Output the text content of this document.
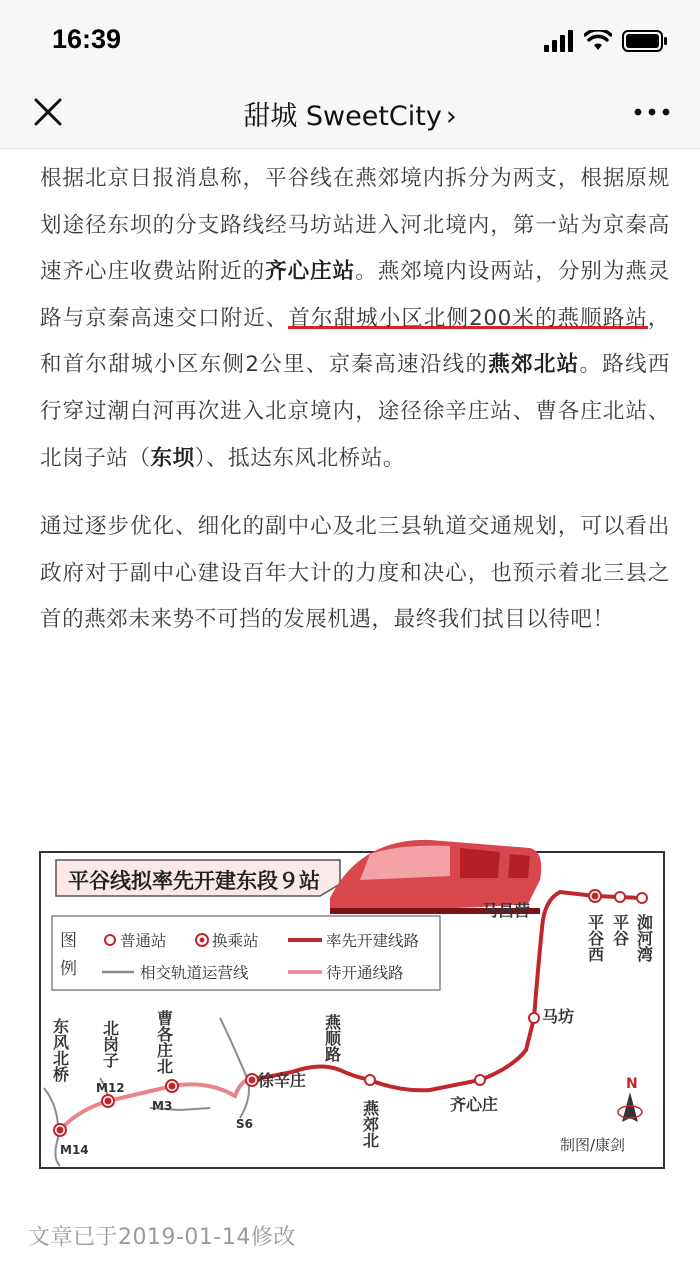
16:39
甜城 SweetCity ›

根据北京日报消息称，平谷线在燕郊境内拆分为两支，根据原规划途径东坝的分支路线经马坊站进入河北境内，第一站为京秦高速齐心庄收费站附近的齐心庄站。燕郊境内设两站，分别为燕灵路与京秦高速交口附近、首尔甜城小区北侧200米的燕顺路站，和首尔甜城小区东侧2公里、京秦高速沿线的燕郊北站。路线西行穿过潮白河再次进入北京境内，途径徐辛庄站、曹各庄北站、北岗子站（东坝）、抵达东风北桥站。

通过逐步优化、细化的副中心及北三县轨道交通规划，可以看出政府对于副中心建设百年大计的力度和决心，也预示着北三县之首的燕郊未来势不可挡的发展机遇，最终我们拭目以待吧！

平谷线拟率先开建东段９站
图
例
普通站	换乘站	率先开建线路
相交轨道运营线	待开通线路
东风北桥 北岗子 曹各庄北	燕顺路
燕郊北
平谷西 平谷 洳河湾
徐辛庄
齐心庄
马坊
马昌营
M14
M12
M3
S6
N
制图/康剑
文章已于2019-01-14修改
